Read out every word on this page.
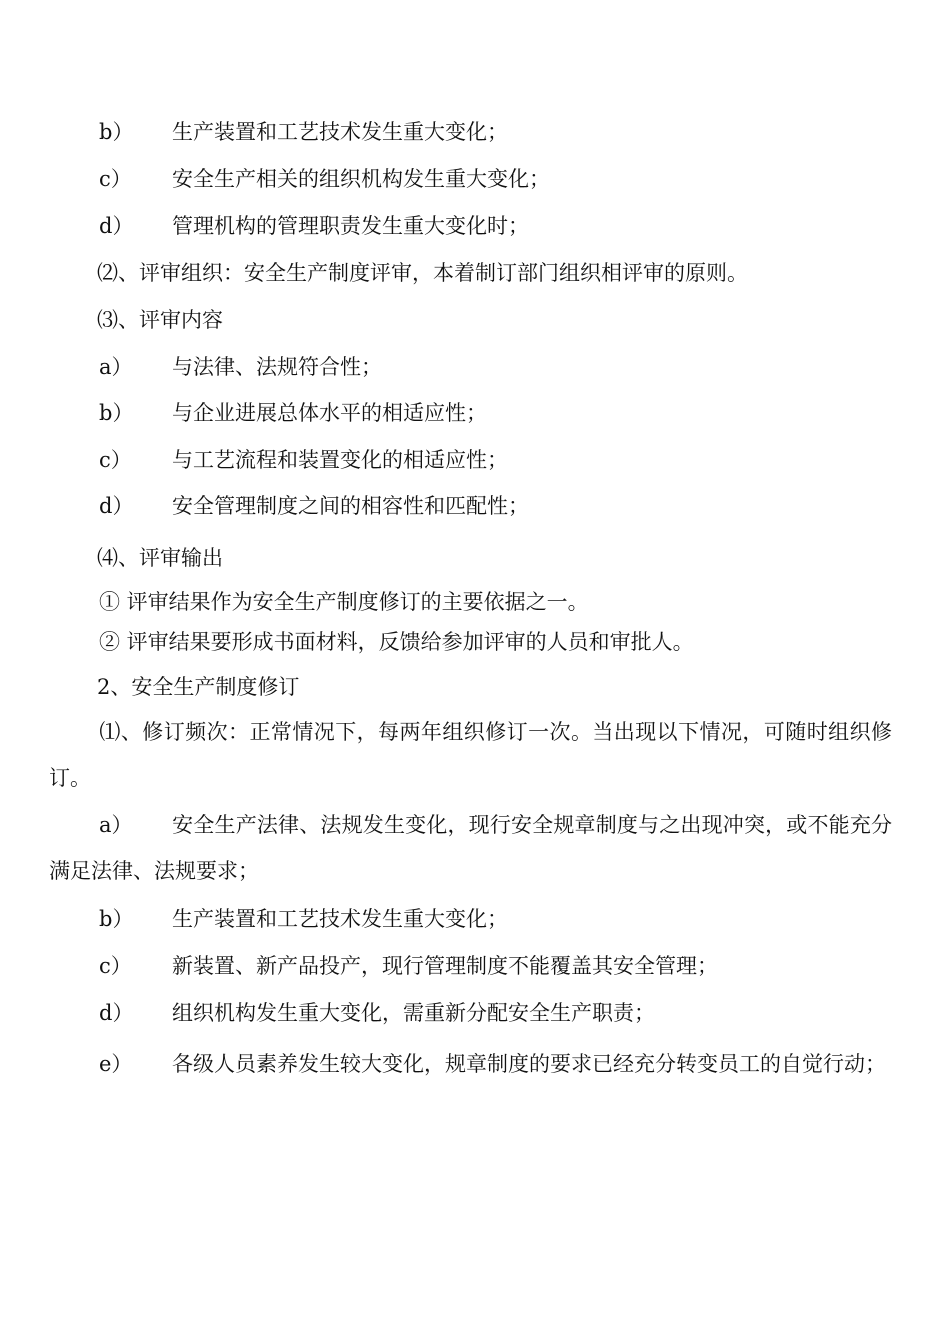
b） 生产装置和工艺技术发生重大变化；
c） 安全生产相关的组织机构发生重大变化；
d） 管理机构的管理职责发生重大变化时；
⑵、评审组织：安全生产制度评审，本着制订部门组织相评审的原则。
⑶、评审内容
a） 与法律、法规符合性；
b） 与企业进展总体水平的相适应性；
c） 与工艺流程和装置变化的相适应性；
d） 安全管理制度之间的相容性和匹配性；
⑷、评审输出
① 评审结果作为安全生产制度修订的主要依据之一。
② 评审结果要形成书面材料，反馈给参加评审的人员和审批人。
2、安全生产制度修订
⑴、修订频次：正常情况下，每两年组织修订一次。当出现以下情况，可随时组织修订。
a） 安全生产法律、法规发生变化，现行安全规章制度与之出现冲突，或不能充分满足法律、法规要求；
b） 生产装置和工艺技术发生重大变化；
c） 新装置、新产品投产，现行管理制度不能覆盖其安全管理；
d） 组织机构发生重大变化，需重新分配安全生产职责；
e） 各级人员素养发生较大变化，规章制度的要求已经充分转变员工的自觉行动；
